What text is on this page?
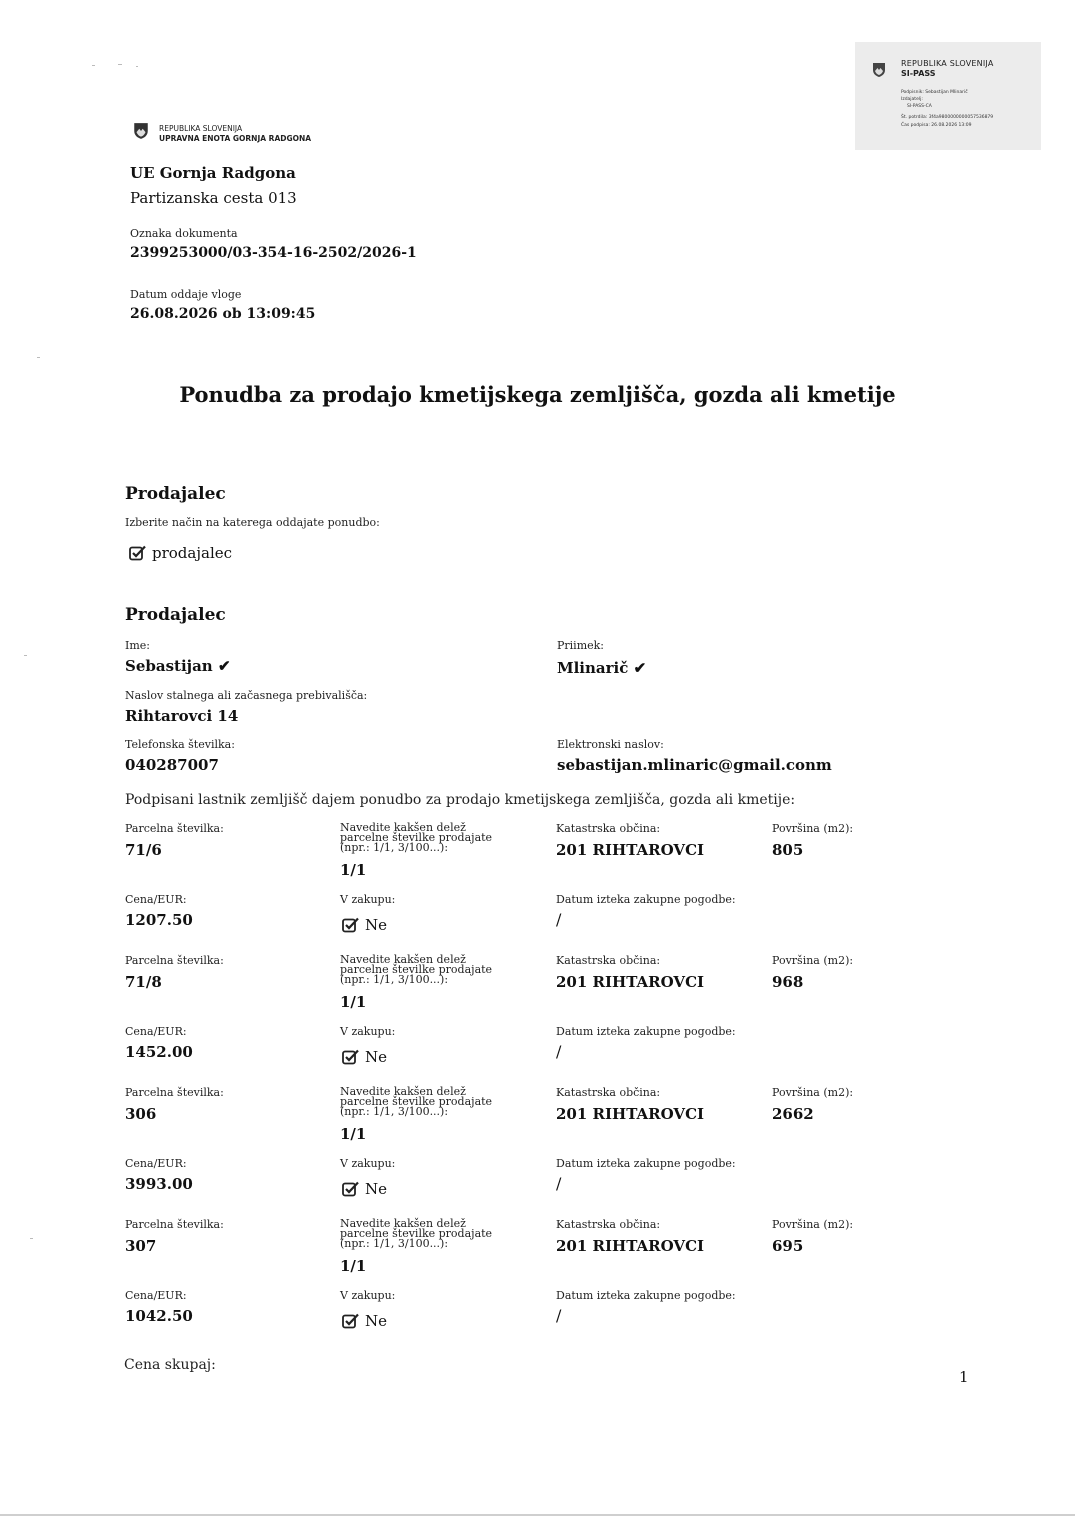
REPUBLIKA SLOVENIJA
SI-PASS
Podpisnik: Sebastijan Mlinarič
Izdajatelj:
SI-PASS-CA
Št. potrdila: 3f4a9800000000057536879
Čas podpisa: 26.08.2026 13:09
REPUBLIKA SLOVENIJA
UPRAVNA ENOTA GORNJA RADGONA
UE Gornja Radgona
Partizanska cesta 013
Oznaka dokumenta
2399253000/03-354-16-2502/2026-1
Datum oddaje vloge
26.08.2026 ob 13:09:45
Ponudba za prodajo kmetijskega zemljišča, gozda ali kmetije
Prodajalec
Izberite način na katerega oddajate ponudbo:
prodajalec
Prodajalec
Ime:
Sebastijan ✔
Priimek:
Mlinarič ✔
Naslov stalnega ali začasnega prebivališča:
Rihtarovci 14
Telefonska številka:
040287007
Elektronski naslov:
sebastijan.mlinaric@gmail.conm
Podpisani lastnik zemljišč dajem ponudbo za prodajo kmetijskega zemljišča, gozda ali kmetije:
Parcelna številka:
71/6
Navedite kakšen delež parcelne številke prodajate (npr.: 1/1, 3/100...):
1/1
Katastrska občina:
201 RIHTAROVCI
Površina (m2):
805
Cena/EUR:
1207.50
V zakupu:
Ne
Datum izteka zakupne pogodbe:
/
Parcelna številka:
71/8
Navedite kakšen delež parcelne številke prodajate (npr.: 1/1, 3/100...):
1/1
Katastrska občina:
201 RIHTAROVCI
Površina (m2):
968
Cena/EUR:
1452.00
V zakupu:
Ne
Datum izteka zakupne pogodbe:
/
Parcelna številka:
306
Navedite kakšen delež parcelne številke prodajate (npr.: 1/1, 3/100...):
1/1
Katastrska občina:
201 RIHTAROVCI
Površina (m2):
2662
Cena/EUR:
3993.00
V zakupu:
Ne
Datum izteka zakupne pogodbe:
/
Parcelna številka:
307
Navedite kakšen delež parcelne številke prodajate (npr.: 1/1, 3/100...):
1/1
Katastrska občina:
201 RIHTAROVCI
Površina (m2):
695
Cena/EUR:
1042.50
V zakupu:
Ne
Datum izteka zakupne pogodbe:
/
Cena skupaj:
1
